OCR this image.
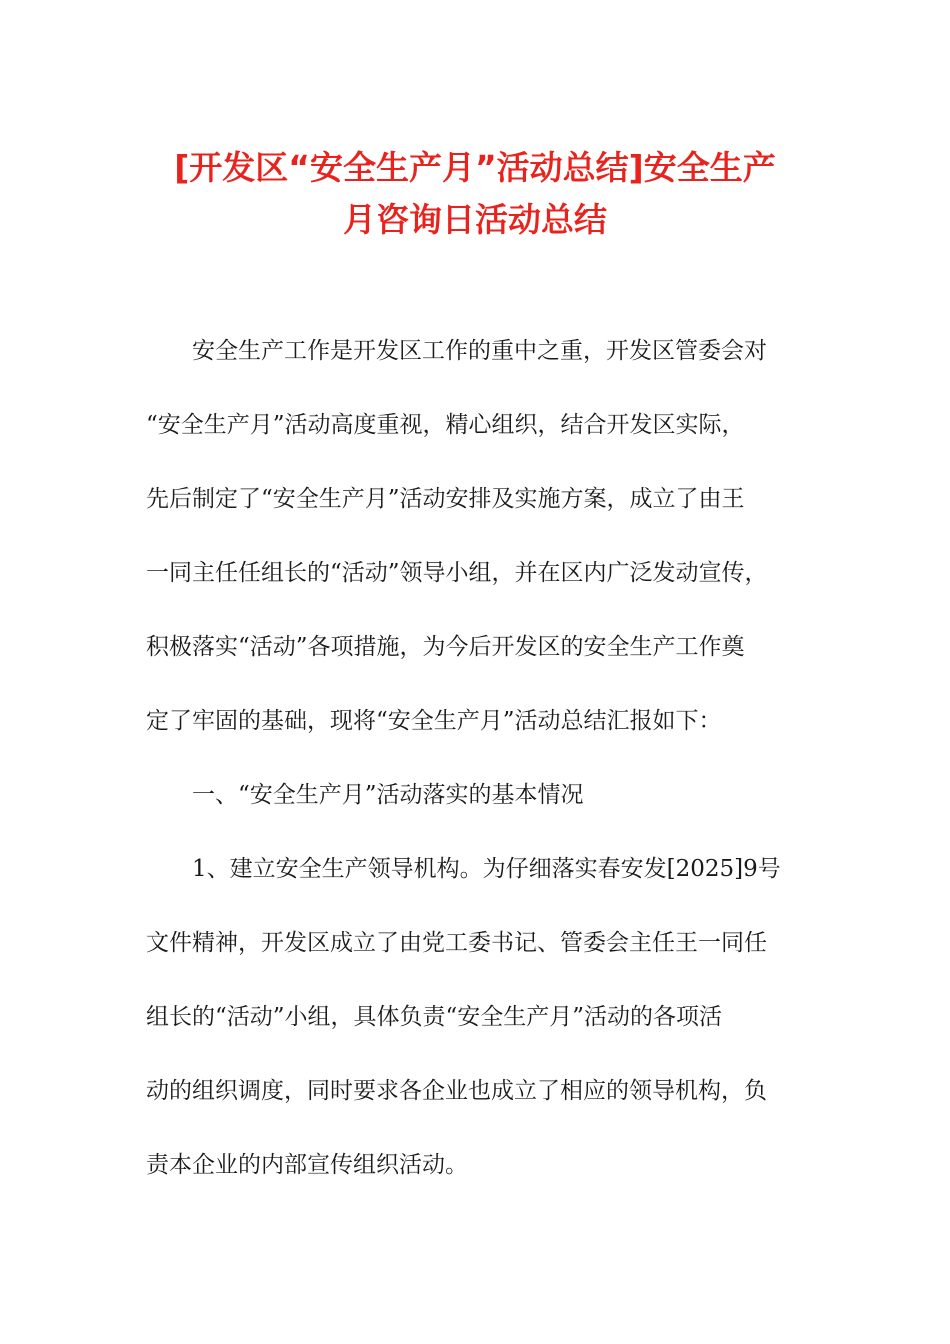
[开发区“安全生产月”活动总结]安全生产
月咨询日活动总结
安全生产工作是开发区工作的重中之重，开发区管委会对
“安全生产月”活动高度重视，精心组织，结合开发区实际，
先后制定了“安全生产月”活动安排及实施方案，成立了由王
一同主任任组长的“活动”领导小组，并在区内广泛发动宣传，
积极落实“活动”各项措施，为今后开发区的安全生产工作奠
定了牢固的基础，现将“安全生产月”活动总结汇报如下：
一、“安全生产月”活动落实的基本情况
1、建立安全生产领导机构。为仔细落实春安发[2025]9号
文件精神，开发区成立了由党工委书记、管委会主任王一同任
组长的“活动”小组，具体负责“安全生产月”活动的各项活
动的组织调度，同时要求各企业也成立了相应的领导机构，负
责本企业的内部宣传组织活动。
